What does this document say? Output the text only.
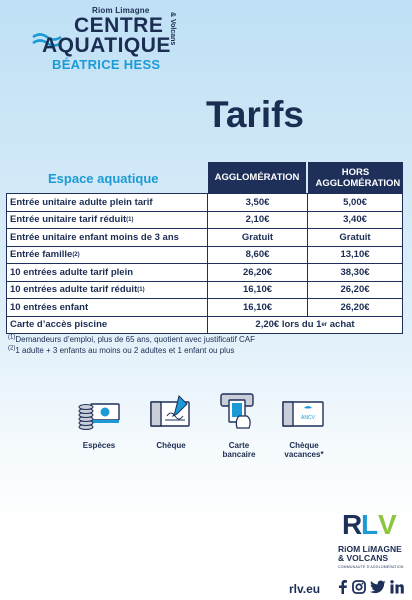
Riom Limagne
CENTRE
AQUATIQUE
& Volcans
BÉATRICE HESS
Tarifs
Espace aquatique	AGGLOMÉRATION	HORS AGGLOMÉRATION
Entrée unitaire adulte plein tarif	3,50€	5,00€
Entrée unitaire tarif réduit (1)	2,10€	3,40€
Entrée unitaire enfant moins de 3 ans	Gratuit	Gratuit
Entrée famille (2)	8,60€	13,10€
10 entrées adulte tarif plein	26,20€	38,30€
10 entrées adulte tarif réduit (1)	16,10€	26,20€
10 entrées enfant	16,10€	26,20€
Carte d’accès piscine	2,20€ lors du 1 er achat
$^{(1)}$Demandeurs d’emploi, plus de 65 ans, quotient avec justificatif CAF
$^{(2)}$1 adulte + 3 enfants au moins ou 2 adultes et 1 enfant ou plus
Espèces	Chèque	Carte
bancaire
ANCV
Chèque
vacances*
R
L V
RiOM LiMAGNE
& VOLCANS
COMMUNAUTÉ D’AGGLOMÉRATION
rlv.eu
